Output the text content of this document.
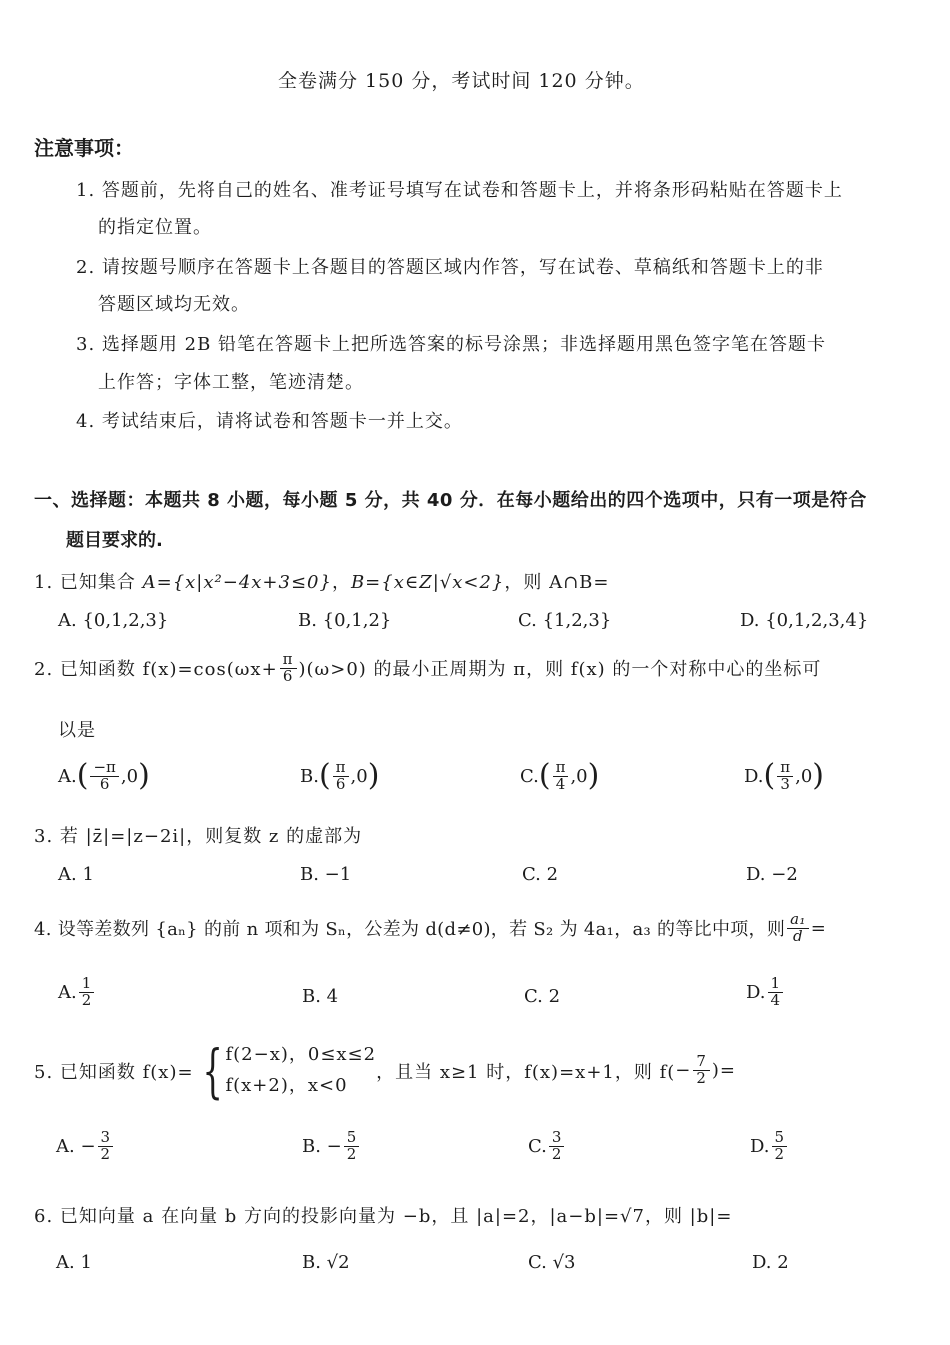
全卷满分 150 分，考试时间 120 分钟。
注意事项：
1. 答题前，先将自己的姓名、准考证号填写在试卷和答题卡上，并将条形码粘贴在答题卡上
的指定位置。
2. 请按题号顺序在答题卡上各题目的答题区域内作答，写在试卷、草稿纸和答题卡上的非
答题区域均无效。
3. 选择题用 2B 铅笔在答题卡上把所选答案的标号涂黑；非选择题用黑色签字笔在答题卡
上作答；字体工整，笔迹清楚。
4. 考试结束后，请将试卷和答题卡一并上交。
一、选择题：本题共 8 小题，每小题 5 分，共 40 分．在每小题给出的四个选项中，只有一项是符合
题目要求的.
1. 已知集合 A={x|x²−4x+3≤0}，B={x∈Z|√x<2}，则 A∩B=
A. {0,1,2,3}	B. {0,1,2}	C. {1,2,3}	D. {0,1,2,3,4}
2. 已知函数 $f(x)=\cos(\omega x+ \frac{\pi}{6} )(\omega>0)$ 的最小正周期为 π，则 f(x) 的一个对称中心的坐标可
以是
A. ( $\frac{-\pi}{6} ,0$ )	B. ( $\frac{\pi}{6} ,0$ )	C. ( $\frac{\pi}{4} ,0$ )	D. ( $\frac{\pi}{3} ,0$ )
3. 若 |z̄|=|z−2i|，则复数 z 的虚部为
A. 1	B. −1	C. 2	D. −2
4. 设等差数列 {aₙ} 的前 n 项和为 Sₙ，公差为 d(d≠0)，若 S₂ 为 4a₁，a₃ 的等比中项，则 $\frac{\text{a₁}}{d}$ =
A. $\frac{1}{2}$	B. 4	C. 2	D. $\frac{1}{4}$
5. 已知函数 f(x)= { f(2−x)，0≤x≤2
f(x+2)，x<0
，且当 x≥1 时，f(x)=x+1，则 $f( - \frac{7}{2}$ )=
A. − $\frac{3}{2}$	B. − $\frac{5}{2}$	C. $\frac{3}{2}$	D. $\frac{5}{2}$
6. 已知向量 a 在向量 b 方向的投影向量为 −b，且 |a|=2，|a−b|=√7，则 |b|=
A. 1	B. √2	C. √3	D. 2
